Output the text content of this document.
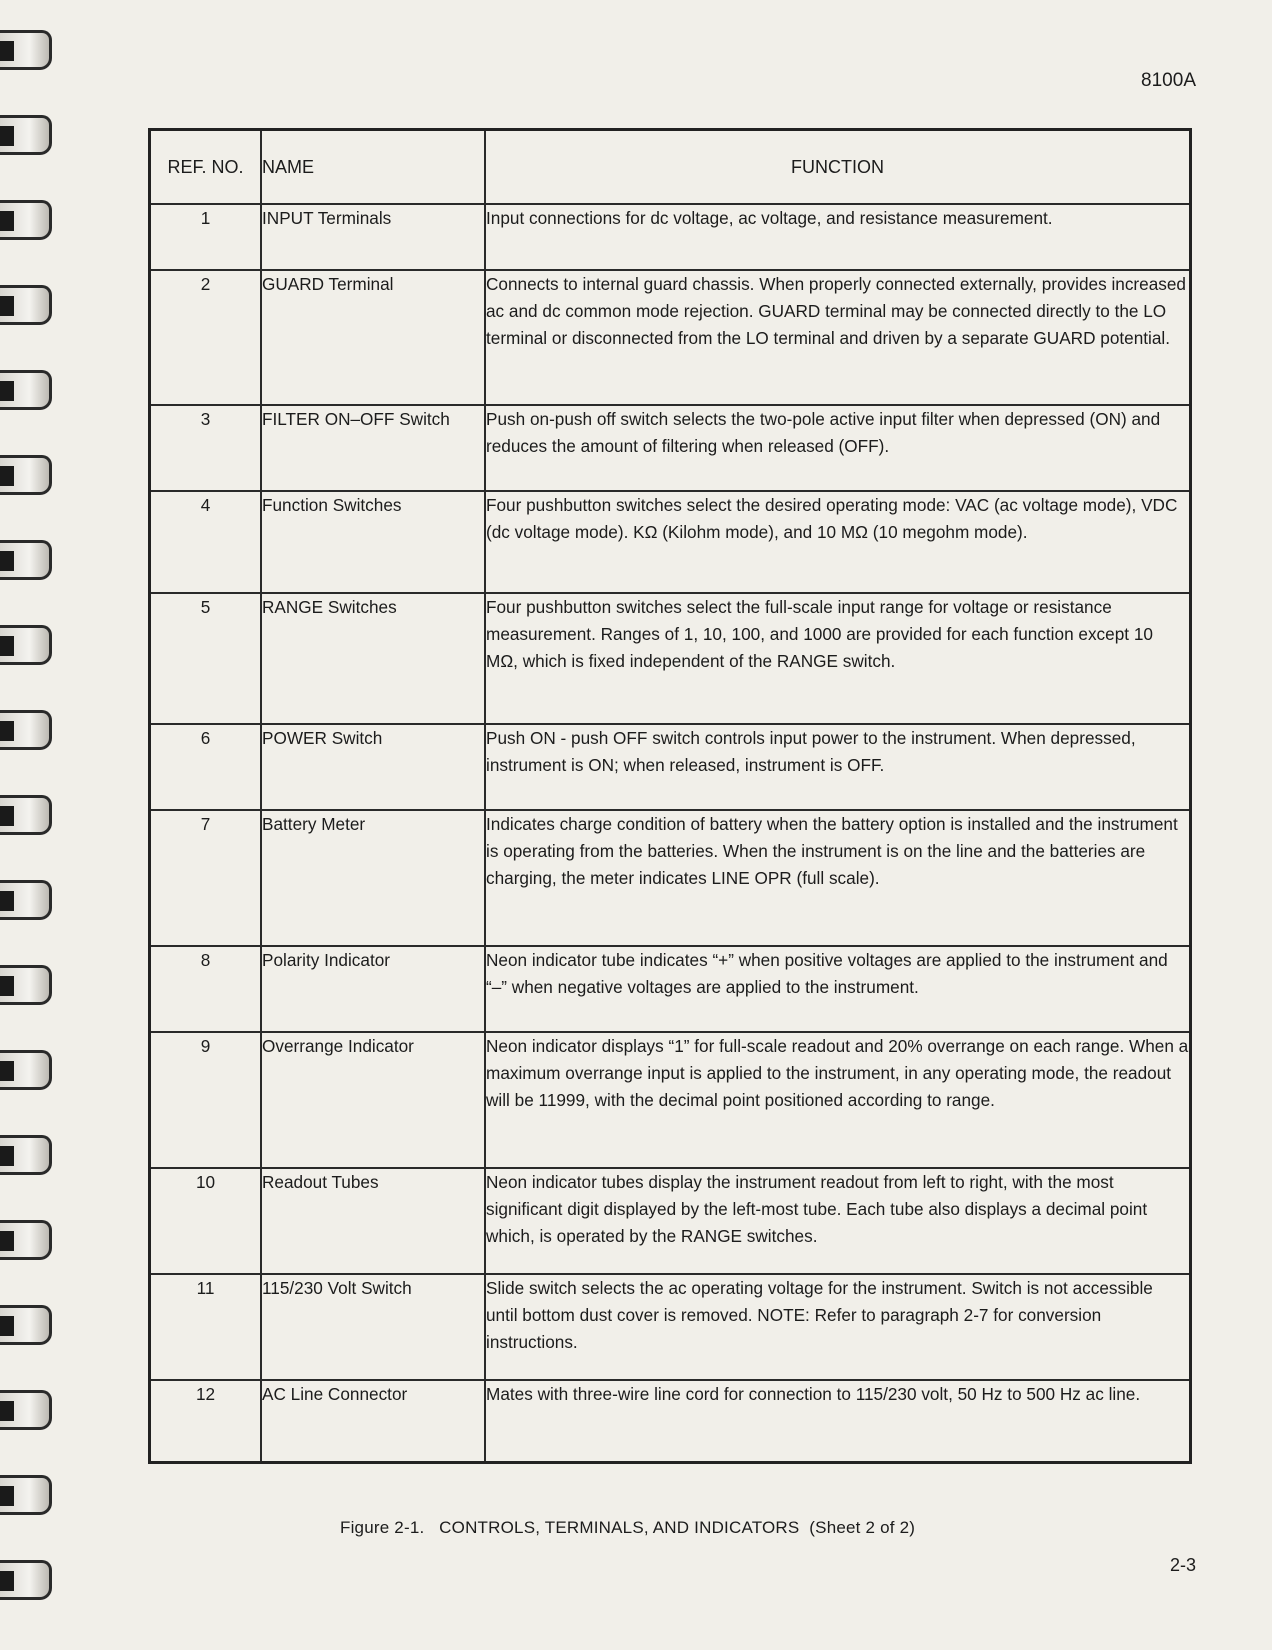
8100A
REF. NO.	NAME	FUNCTION
1	INPUT Terminals	Input connections for dc voltage, ac voltage, and resistance measurement.
2	GUARD Terminal	Connects to internal guard chassis. When properly connected externally, provides increased ac and dc common mode rejection. GUARD terminal may be connected directly to the LO terminal or disconnected from the LO terminal and driven by a separate GUARD potential.
3	FILTER ON–OFF Switch	Push on-push off switch selects the two-pole active input filter when depressed (ON) and reduces the amount of filtering when released (OFF).
4	Function Switches	Four pushbutton switches select the desired operating mode: VAC (ac voltage mode), VDC (dc voltage mode). KΩ (Kilohm mode), and 10 MΩ (10 megohm mode).
5	RANGE Switches	Four pushbutton switches select the full-scale input range for voltage or resistance measurement. Ranges of 1, 10, 100, and 1000 are provided for each function except 10 MΩ, which is fixed independent of the RANGE switch.
6	POWER Switch	Push ON - push OFF switch controls input power to the instrument. When depressed, instrument is ON; when released, instrument is OFF.
7	Battery Meter	Indicates charge condition of battery when the battery option is installed and the instrument is operating from the batteries. When the instrument is on the line and the batteries are charging, the meter indicates LINE OPR (full scale).
8	Polarity Indicator	Neon indicator tube indicates “+” when positive voltages are applied to the instrument and “–” when negative voltages are applied to the instrument.
9	Overrange Indicator	Neon indicator displays “1” for full-scale readout and 20% overrange on each range. When a maximum overrange input is applied to the instrument, in any operating mode, the readout will be 11999, with the decimal point positioned according to range.
10	Readout Tubes	Neon indicator tubes display the instrument readout from left to right, with the most significant digit displayed by the left-most tube. Each tube also displays a decimal point which, is operated by the RANGE switches.
11	115/230 Volt Switch	Slide switch selects the ac operating voltage for the instrument. Switch is not accessible until bottom dust cover is removed. NOTE: Refer to paragraph 2-7 for conversion instructions.
12	AC Line Connector	Mates with three-wire line cord for connection to 115/230 volt, 50 Hz to 500 Hz ac line.
Figure 2-1.   CONTROLS, TERMINALS, AND INDICATORS  (Sheet 2 of 2)
2-3
